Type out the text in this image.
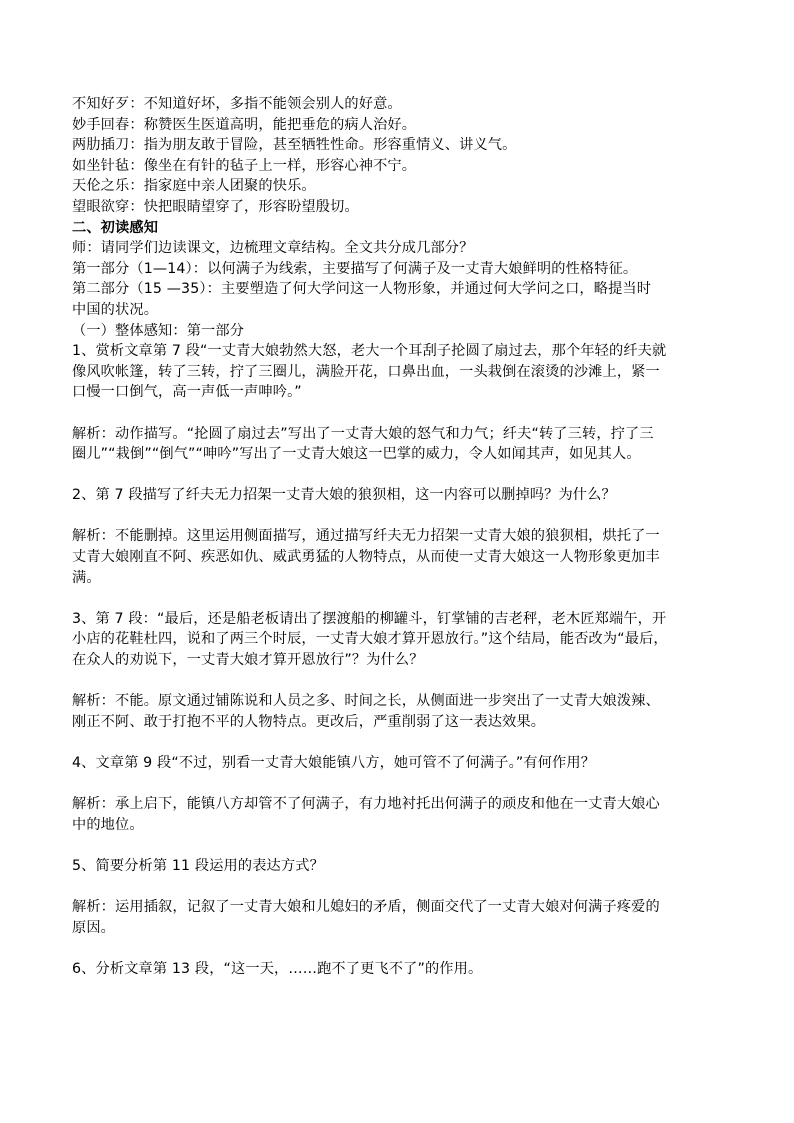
不知好歹：不知道好坏，多指不能领会别人的好意。
妙手回春：称赞医生医道高明，能把垂危的病人治好。
两肋插刀：指为朋友敢于冒险，甚至牺牲性命。形容重情义、讲义气。
如坐针毡：像坐在有针的毡子上一样，形容心神不宁。
天伦之乐：指家庭中亲人团聚的快乐。
望眼欲穿：快把眼睛望穿了，形容盼望殷切。
二、初读感知
师：请同学们边读课文，边梳理文章结构。全文共分成几部分？
第一部分（1—14）：以何满子为线索，主要描写了何满子及一丈青大娘鲜明的性格特征。
第二部分（15 —35）：主要塑造了何大学问这一人物形象，并通过何大学问之口，略提当时
中国的状况。
（一）整体感知：第一部分
1、赏析文章第 7 段“一丈青大娘勃然大怒，老大一个耳刮子抡圆了扇过去，那个年轻的纤夫就
像风吹帐篷，转了三转，拧了三圈儿，满脸开花，口鼻出血，一头栽倒在滚烫的沙滩上，紧一
口慢一口倒气，高一声低一声呻吟。”
解析：动作描写。“抡圆了扇过去”写出了一丈青大娘的怒气和力气；纤夫“转了三转，拧了三
圈儿”“栽倒”“倒气”“呻吟”写出了一丈青大娘这一巴掌的威力，令人如闻其声，如见其人。
2、第 7 段描写了纤夫无力招架一丈青大娘的狼狈相，这一内容可以删掉吗？为什么？
解析：不能删掉。这里运用侧面描写，通过描写纤夫无力招架一丈青大娘的狼狈相，烘托了一
丈青大娘刚直不阿、疾恶如仇、威武勇猛的人物特点，从而使一丈青大娘这一人物形象更加丰
满。
3、第 7 段：“最后，还是船老板请出了摆渡船的柳罐斗，钉掌铺的吉老秤，老木匠郑端午，开
小店的花鞋杜四，说和了两三个时辰，一丈青大娘才算开恩放行。”这个结局，能否改为“最后，
在众人的劝说下，一丈青大娘才算开恩放行”？为什么？
解析：不能。原文通过铺陈说和人员之多、时间之长，从侧面进一步突出了一丈青大娘泼辣、
刚正不阿、敢于打抱不平的人物特点。更改后，严重削弱了这一表达效果。
4、文章第 9 段“不过，别看一丈青大娘能镇八方，她可管不了何满子。”有何作用？
解析：承上启下，能镇八方却管不了何满子，有力地衬托出何满子的顽皮和他在一丈青大娘心
中的地位。
5、简要分析第 11 段运用的表达方式？
解析：运用插叙，记叙了一丈青大娘和儿媳妇的矛盾，侧面交代了一丈青大娘对何满子疼爱的
原因。
6、分析文章第 13 段，“这一天，……跑不了更飞不了”的作用。
